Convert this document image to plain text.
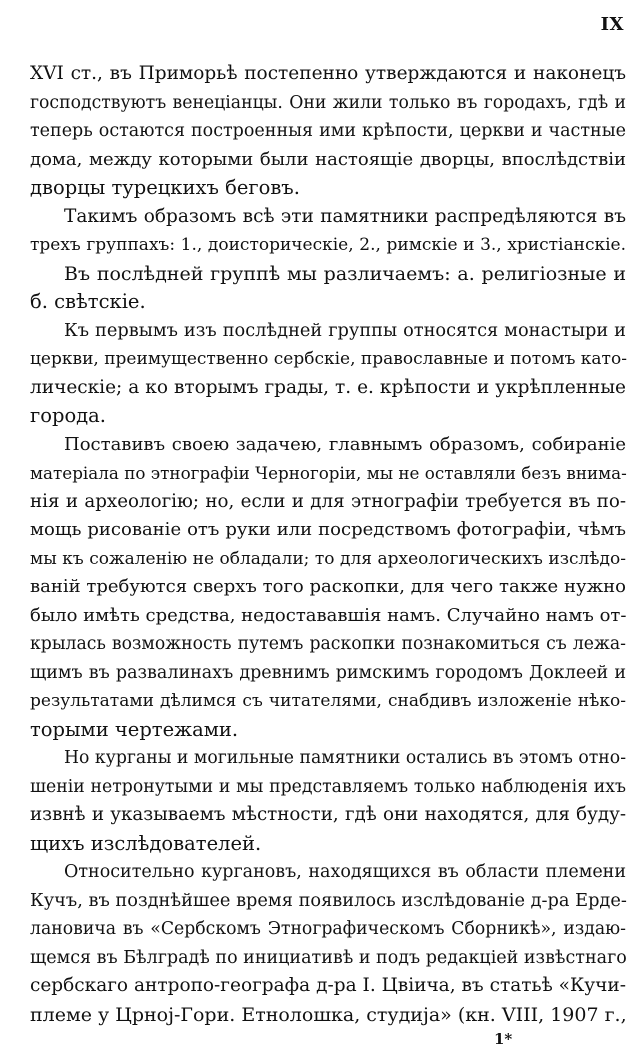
IX
XVI ст., въ Приморьѣ постепенно утверждаются и наконецъ
господствуютъ венецiанцы. Они жили только въ городахъ, гдѣ и
теперь остаются построенныя ими крѣпости, церкви и частные
дома, между которыми были настоящiе дворцы, впослѣдствiи
дворцы турецкихъ беговъ.
Такимъ образомъ всѣ эти памятники распредѣляются въ
трехъ группахъ: 1., доисторическiе, 2., римскiе и 3., христiанскiе.
Въ послѣдней группѣ мы различаемъ: а. религiозные и
б. свѣтскiе.
Къ первымъ изъ послѣдней группы относятся монастыри и
церкви, преимущественно сербскiе, православные и потомъ като-
лическiе; а ко вторымъ грады, т. е. крѣпости и укрѣпленные
города.
Поставивъ своею задачею, главнымъ образомъ, собиранiе
матерiала по этнографiи Черногорiи, мы не оставляли безъ внима-
нiя и археологiю; но, если и для этнографiи требуется въ по-
мощь рисованiе отъ руки или посредствомъ фотографiи, чѣмъ
мы къ сожаленiю не обладали; то для археологическихъ изслѣдо-
ванiй требуются сверхъ того раскопки, для чего также нужно
было имѣть средства, недостававшiя намъ. Случайно намъ от-
крылась возможность путемъ раскопки познакомиться съ лежа-
щимъ въ развалинахъ древнимъ римскимъ городомъ Доклеей и
результатами дѣлимся съ читателями, снабдивъ изложенiе нѣко-
торыми чертежами.
Но курганы и могильные памятники остались въ этомъ отно-
шенiи нетронутыми и мы представляемъ только наблюденiя ихъ
извнѣ и указываемъ мѣстности, гдѣ они находятся, для буду-
щихъ изслѣдователей.
Относительно кургановъ, находящихся въ области племени
Кучъ, въ позднѣйшее время появилось изслѣдованiе д-ра Ерде-
лановича въ «Сербскомъ Этнографическомъ Сборникѣ», издаю-
щемся въ Бѣлградѣ по инициативѣ и подъ редакцiей извѣстнаго
сербскаго антропо-географа д-ра I. Цвiича, въ статьѣ «Кучи-
племе у Црној-Гори. Етнолошка, студиjа» (кн. VIII, 1907 г.,
1*
